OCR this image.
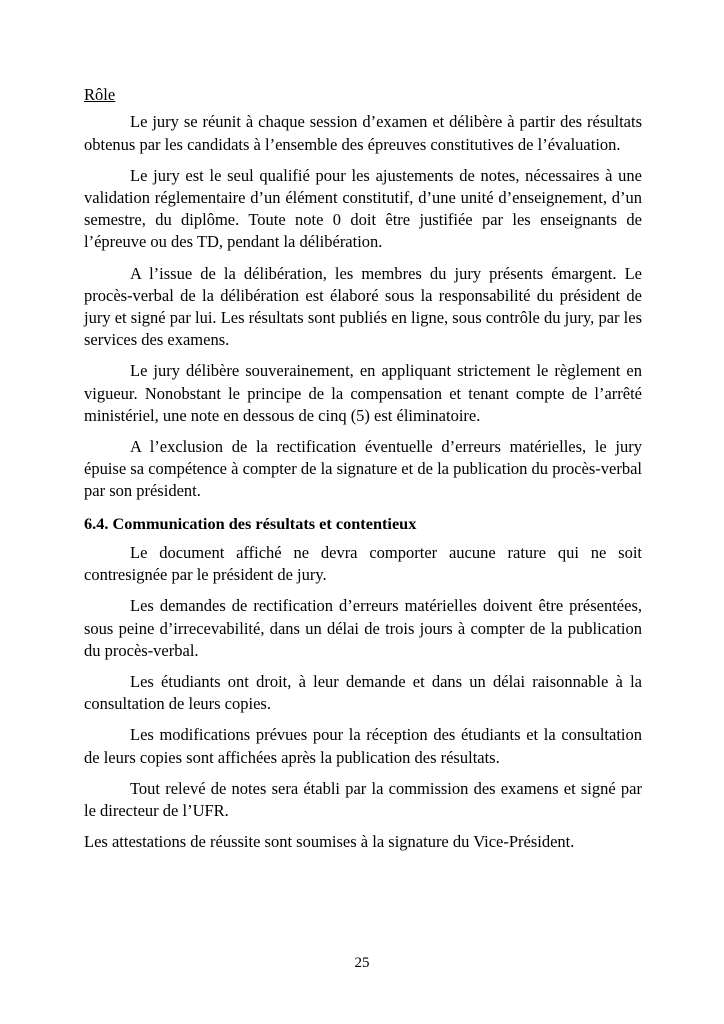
Rôle

Le jury se réunit à chaque session d’examen et délibère à partir des résultats obtenus par les candidats à l’ensemble des épreuves constitutives de l’évaluation.

Le jury est le seul qualifié pour les ajustements de notes, nécessaires à une validation réglementaire d’un élément constitutif, d’une unité d’enseignement, d’un semestre, du diplôme. Toute note 0 doit être justifiée par les enseignants de l’épreuve ou des TD, pendant la délibération.

A l’issue de la délibération, les membres du jury présents émargent. Le procès-verbal de la délibération est élaboré sous la responsabilité du président de jury et signé par lui. Les résultats sont publiés en ligne, sous contrôle du jury, par les services des examens.

Le jury délibère souverainement, en appliquant strictement le règlement en vigueur. Nonobstant le principe de la compensation et tenant compte de l’arrêté ministériel, une note en dessous de cinq (5) est éliminatoire.

A l’exclusion de la rectification éventuelle d’erreurs matérielles, le jury épuise sa compétence à compter de la signature et de la publication du procès-verbal par son président.

6.4. Communication des résultats et contentieux

Le document affiché ne devra comporter aucune rature qui ne soit contresignée par le président de jury.

Les demandes de rectification d’erreurs matérielles doivent être présentées, sous peine d’irrecevabilité, dans un délai de trois jours à compter de la publication du procès-verbal.

Les étudiants ont droit, à leur demande et dans un délai raisonnable à la consultation de leurs copies.

Les modifications prévues pour la réception des étudiants et la consultation de leurs copies sont affichées après la publication des résultats.

Tout relevé de notes sera établi par la commission des examens et signé par le directeur de l’UFR.

Les attestations de réussite sont soumises à la signature du Vice-Président.

25
